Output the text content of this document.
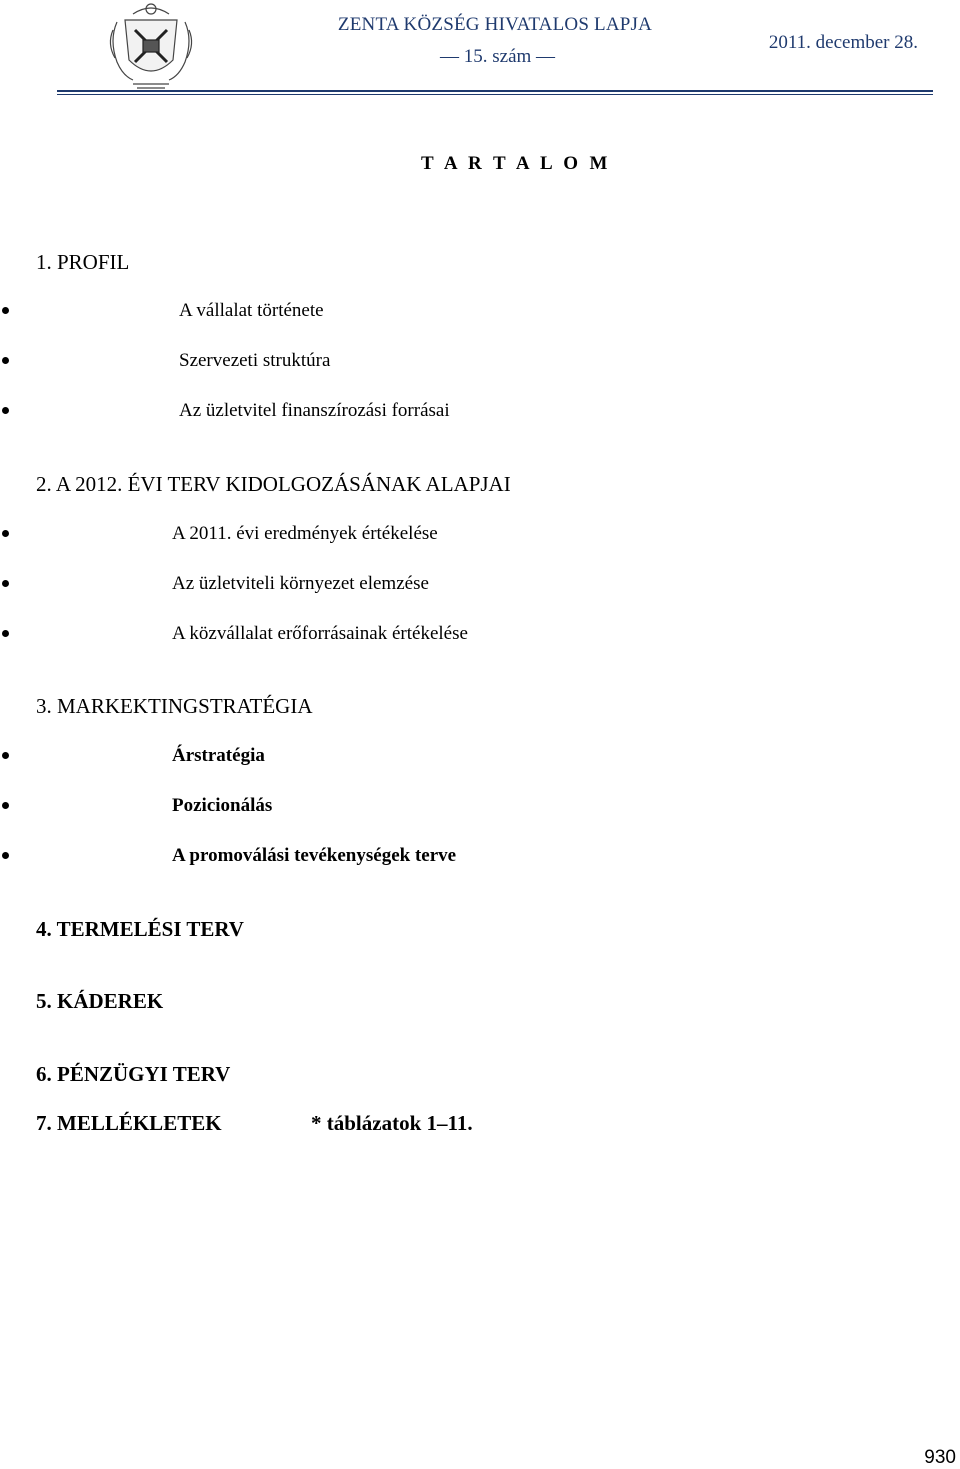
ZENTA KÖZSÉG HIVATALOS LAPJA
— 15. szám —
2011. december 28.
T A R T A L O M
1. PROFIL
A vállalat története
Szervezeti struktúra
Az üzletvitel finanszírozási forrásai
2. A 2012. ÉVI TERV KIDOLGOZÁSÁNAK ALAPJAI
A 2011. évi eredmények értékelése
Az üzletviteli környezet elemzése
A közvállalat erőforrásainak értékelése
3. MARKEKTINGSTRATÉGIA
Árstratégia
Pozicionálás
A promoválási tevékenységek terve
4. TERMELÉSI TERV
5. KÁDEREK
6. PÉNZÜGYI TERV
7. MELLÉKLETEK	* táblázatok 1–11.
930
